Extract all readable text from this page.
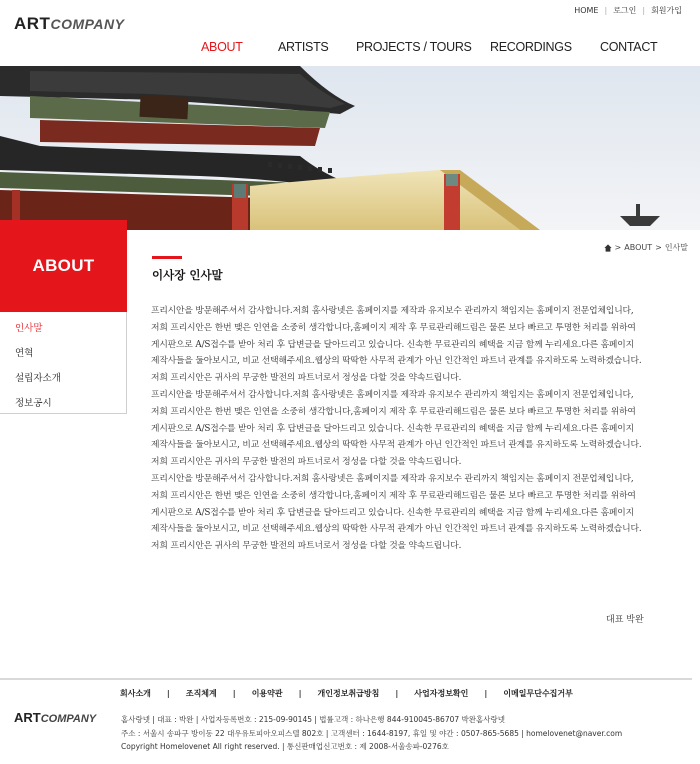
ARTCOMPANY
HOME | 로그인 | 회원가입
ABOUT	ARTISTS PROJECTS / TOURS RECORDINGS CONTACT
ABOUT
인사말
연혁
설립자소개
정보공시
> ABOUT > 인사말
이사장 인사말

프리시안을 방문해주셔서 감사합니다.저희 홈사랑넷은 홈페이지를 제작과 유지보수 관리까지 책임지는 홈페이지 전문업체입니다,

저희 프리시안은 한번 맺은 인연을 소중히 생각합니다,홈페이지 제작 후 무료관리해드림은 물론 보다 빠르고 투명한 처리를 위하여

게시판으로 A/S접수를 받아 처리 후 답변글을 달아드리고 있습니다. 신속한 무료관리의 혜택을 지금 함께 누리세요.다른 홈페이지

제작사들을 둘아보시고, 비교 선택해주세요.웹상의 딱딱한 사무적 관계가 아닌 인간적인 파트너 관계를 유지하도록 노력하겠습니다.

저희 프리시안은 귀사의 무궁한 발전의 파트너로서 정성을 다할 것을 약속드립니다.

프리시안을 방문해주셔서 감사합니다.저희 홈사랑넷은 홈페이지를 제작과 유지보수 관리까지 책임지는 홈페이지 전문업체입니다,

저희 프리시안은 한번 맺은 인연을 소중히 생각합니다,홈페이지 제작 후 무료관리해드림은 물론 보다 빠르고 투명한 처리를 위하여

게시판으로 A/S접수를 받아 처리 후 답변글을 달아드리고 있습니다. 신속한 무료관리의 혜택을 지금 함께 누리세요.다른 홈페이지

제작사들을 둘아보시고, 비교 선택해주세요.웹상의 딱딱한 사무적 관계가 아닌 인간적인 파트너 관계를 유지하도록 노력하겠습니다.

저희 프리시안은 귀사의 무궁한 발전의 파트너로서 정성을 다할 것을 약속드립니다.

프리시안을 방문해주셔서 감사합니다.저희 홈사랑넷은 홈페이지를 제작과 유지보수 관리까지 책임지는 홈페이지 전문업체입니다,

저희 프리시안은 한번 맺은 인연을 소중히 생각합니다,홈페이지 제작 후 무료관리해드림은 물론 보다 빠르고 투명한 처리를 위하여

게시판으로 A/S접수를 받아 처리 후 답변글을 달아드리고 있습니다. 신속한 무료관리의 혜택을 지금 함께 누리세요.다른 홈페이지

제작사들을 둘아보시고, 비교 선택해주세요.웹상의 딱딱한 사무적 관계가 아닌 인간적인 파트너 관계를 유지하도록 노력하겠습니다.

저희 프리시안은 귀사의 무궁한 발전의 파트너로서 정성을 다할 것을 약속드립니다.

대표 박완
회사소개 | 조직체계 | 이용약관 | 개인정보취급방침 | 사업자정보확인 | 이메일무단수집거부
ARTCOMPANY	홈사랑넷 | 대표 : 박완 | 사업자등록번호 : 215-09-90145 | 법률고객 : 하나은행 844-910045-86707 박완홈사랑넷
주소 : 서울시 송파구 방이동 22 대우유토피아오피스텔 802호 | 고객센터 : 1644-8197, 휴일 및 야간 : 0507-865-5685 | homelovenet@naver.com
Copyright Homelovenet All right reserved. | 통신판매업신고번호 : 제 2008-서울송파-0276호
